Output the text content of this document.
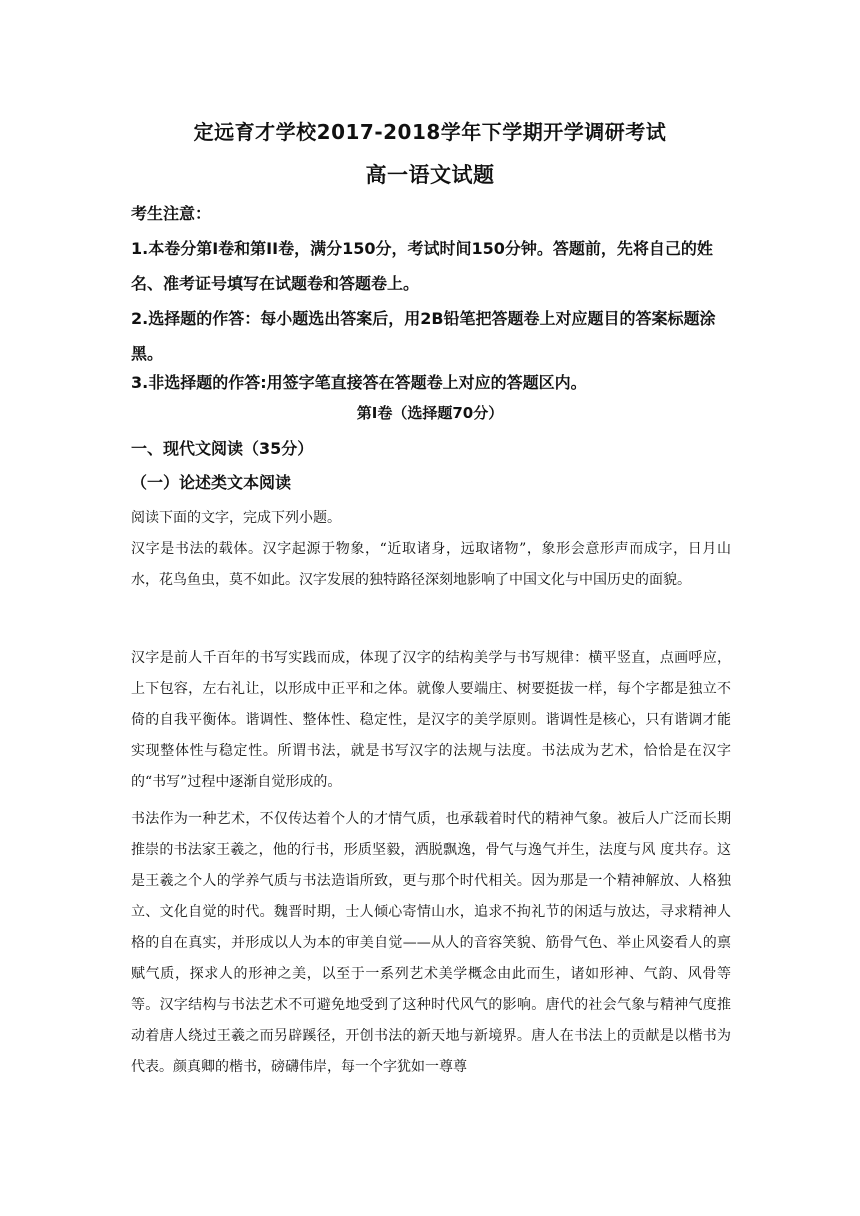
定远育才学校2017-2018学年下学期开学调研考试
高一语文试题
考生注意：

1.本卷分第Ⅰ卷和第II卷，满分150分，考试时间150分钟。答题前，先将自己的姓名、准考证号填写在试题卷和答题卷上。

2.选择题的作答：每小题选出答案后，用2B铅笔把答题卷上对应题目的答案标题涂黑。

3.非选择题的作答:用签字笔直接答在答题卷上对应的答题区内。

第Ⅰ卷（选择题70分）
一、现代文阅读（35分）
（一）论述类文本阅读
阅读下面的文字，完成下列小题。

汉字是书法的载体。汉字起源于物象，“近取诸身，远取诸物”，象形会意形声而成字，日月山水，花鸟鱼虫，莫不如此。汉字发展的独特路径深刻地影响了中国文化与中国历史的面貌。

汉字是前人千百年的书写实践而成，体现了汉字的结构美学与书写规律：横平竖直，点画呼应，上下包容，左右礼让，以形成中正平和之体。就像人要端庄、树要挺拔一样，每个字都是独立不倚的自我平衡体。谐调性、整体性、稳定性，是汉字的美学原则。谐调性是核心，只有谐调才能实现整体性与稳定性。所谓书法，就是书写汉字的法规与法度。书法成为艺术，恰恰是在汉字的“书写”过程中逐渐自觉形成的。

书法作为一种艺术，不仅传达着个人的才情气质，也承载着时代的精神气象。被后人广泛而长期推崇的书法家王羲之，他的行书，形质坚毅，洒脱飘逸，骨气与逸气并生，法度与风 度共存。这是王羲之个人的学养气质与书法造诣所致，更与那个时代相关。因为那是一个精神解放、人格独立、文化自觉的时代。魏晋时期，士人倾心寄情山水，追求不拘礼节的闲适与放达，寻求精神人格的自在真实，并形成以人为本的审美自觉——从人的音容笑貌、筋骨气色、举止风姿看人的禀赋气质，探求人的形神之美，以至于一系列艺术美学概念由此而生，诸如形神、气韵、风骨等等。汉字结构与书法艺术不可避免地受到了这种时代风气的影响。唐代的社会气象与精神气度推动着唐人绕过王羲之而另辟蹊径，开创书法的新天地与新境界。唐人在书法上的贡献是以楷书为代表。颜真卿的楷书，磅礴伟岸，每一个字犹如一尊尊
